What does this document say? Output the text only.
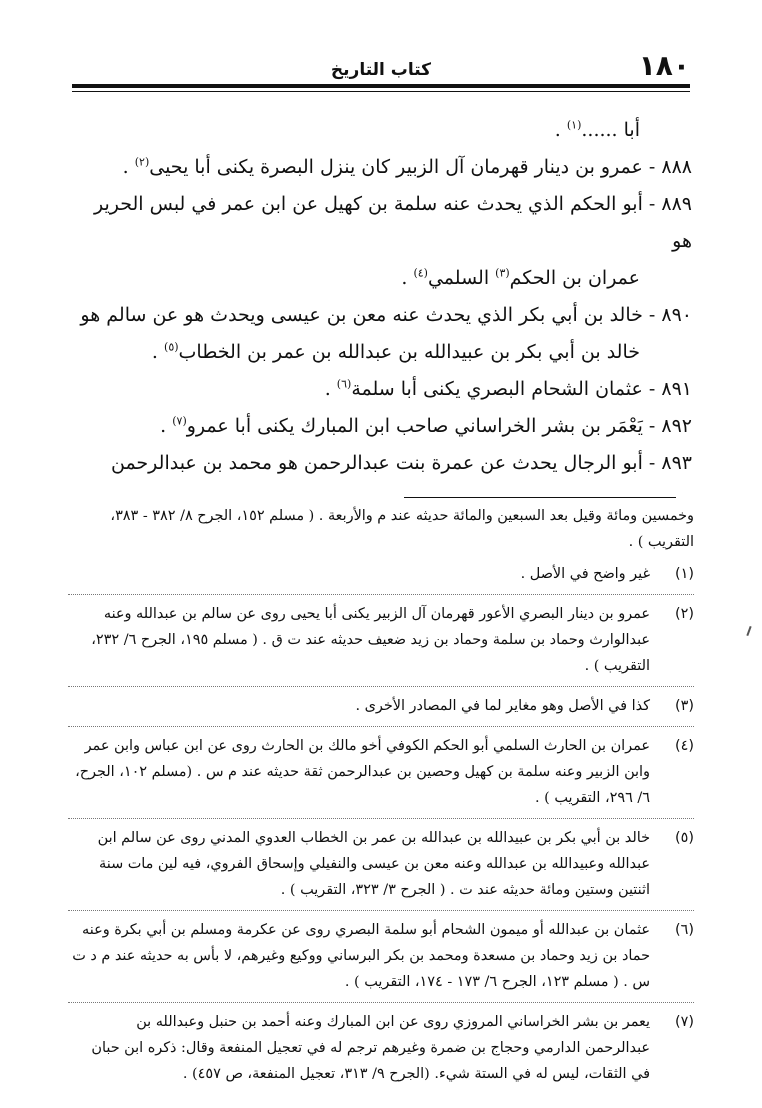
١٨٠
كتاب التاريخ

أبا ......$^{(١)}$ .

٨٨٨ - عمرو بن دينار قهرمان آل الزبير كان ينزل البصرة يكنى أبا يحيى$^{(٢)}$ .

٨٨٩ - أبو الحكم الذي يحدث عنه سلمة بن كهيل عن ابن عمر في لبس الحرير هو

عمران بن الحكم$^{(٣)}$ السلمي$^{(٤)}$ .

٨٩٠ - خالد بن أبي بكر الذي يحدث عنه معن بن عيسى ويحدث هو عن سالم هو

خالد بن أبي بكر بن عبيدالله بن عبدالله بن عمر بن الخطاب$^{(٥)}$ .

٨٩١ - عثمان الشحام البصري يكنى أبا سلمة$^{(٦)}$ .

٨٩٢ - يَعْمَر بن بشر الخراساني صاحب ابن المبارك يكنى أبا عمرو$^{(٧)}$ .

٨٩٣ - أبو الرجال يحدث عن عمرة بنت عبدالرحمن هو محمد بن عبدالرحمن

وخمسين ومائة وقيل بعد السبعين والمائة حديثه عند م والأربعة . ( مسلم ١٥٢، الجرح ٨/ ٣٨٢ - ٣٨٣، التقريب ) .

(١)
غير واضح في الأصل .
(٢)
عمرو بن دينار البصري الأعور قهرمان آل الزبير يكنى أبا يحيى روى عن سالم بن عبدالله وعنه عبدالوارث وحماد بن سلمة وحماد بن زيد ضعيف حديثه عند ت ق . ( مسلم ١٩٥، الجرح ٦/ ٢٣٢، التقريب ) .
(٣)
كذا في الأصل وهو مغاير لما في المصادر الأخرى .
(٤)
عمران بن الحارث السلمي أبو الحكم الكوفي أخو مالك بن الحارث روى عن ابن عباس وابن عمر وابن الزبير وعنه سلمة بن كهيل وحصين بن عبدالرحمن ثقة حديثه عند م س . (مسلم ١٠٢، الجرح، ٦/ ٢٩٦، التقريب ) .
(٥)
خالد بن أبي بكر بن عبيدالله بن عبدالله بن عمر بن الخطاب العدوي المدني روى عن سالم ابن عبدالله وعبيدالله بن عبدالله وعنه معن بن عيسى والنفيلي وإسحاق الفروي، فيه لين مات سنة اثنتين وستين ومائة حديثه عند ت . ( الجرح ٣/ ٣٢٣، التقريب ) .
(٦)
عثمان بن عبدالله أو ميمون الشحام أبو سلمة البصري روى عن عكرمة ومسلم بن أبي بكرة وعنه حماد بن زيد وحماد بن مسعدة ومحمد بن بكر البرساني ووكيع وغيرهم، لا بأس به حديثه عند م د ت س . ( مسلم ١٢٣، الجرح ٦/ ١٧٣ - ١٧٤، التقريب ) .
(٧)
يعمر بن بشر الخراساني المروزي روى عن ابن المبارك وعنه أحمد بن حنبل وعبدالله بن عبدالرحمن الدارمي وحجاج بن ضمرة وغيرهم ترجم له في تعجيل المنفعة وقال: ذكره ابن حبان في الثقات، ليس له في الستة شيء. (الجرح ٩/ ٣١٣، تعجيل المنفعة، ص ٤٥٧) .
